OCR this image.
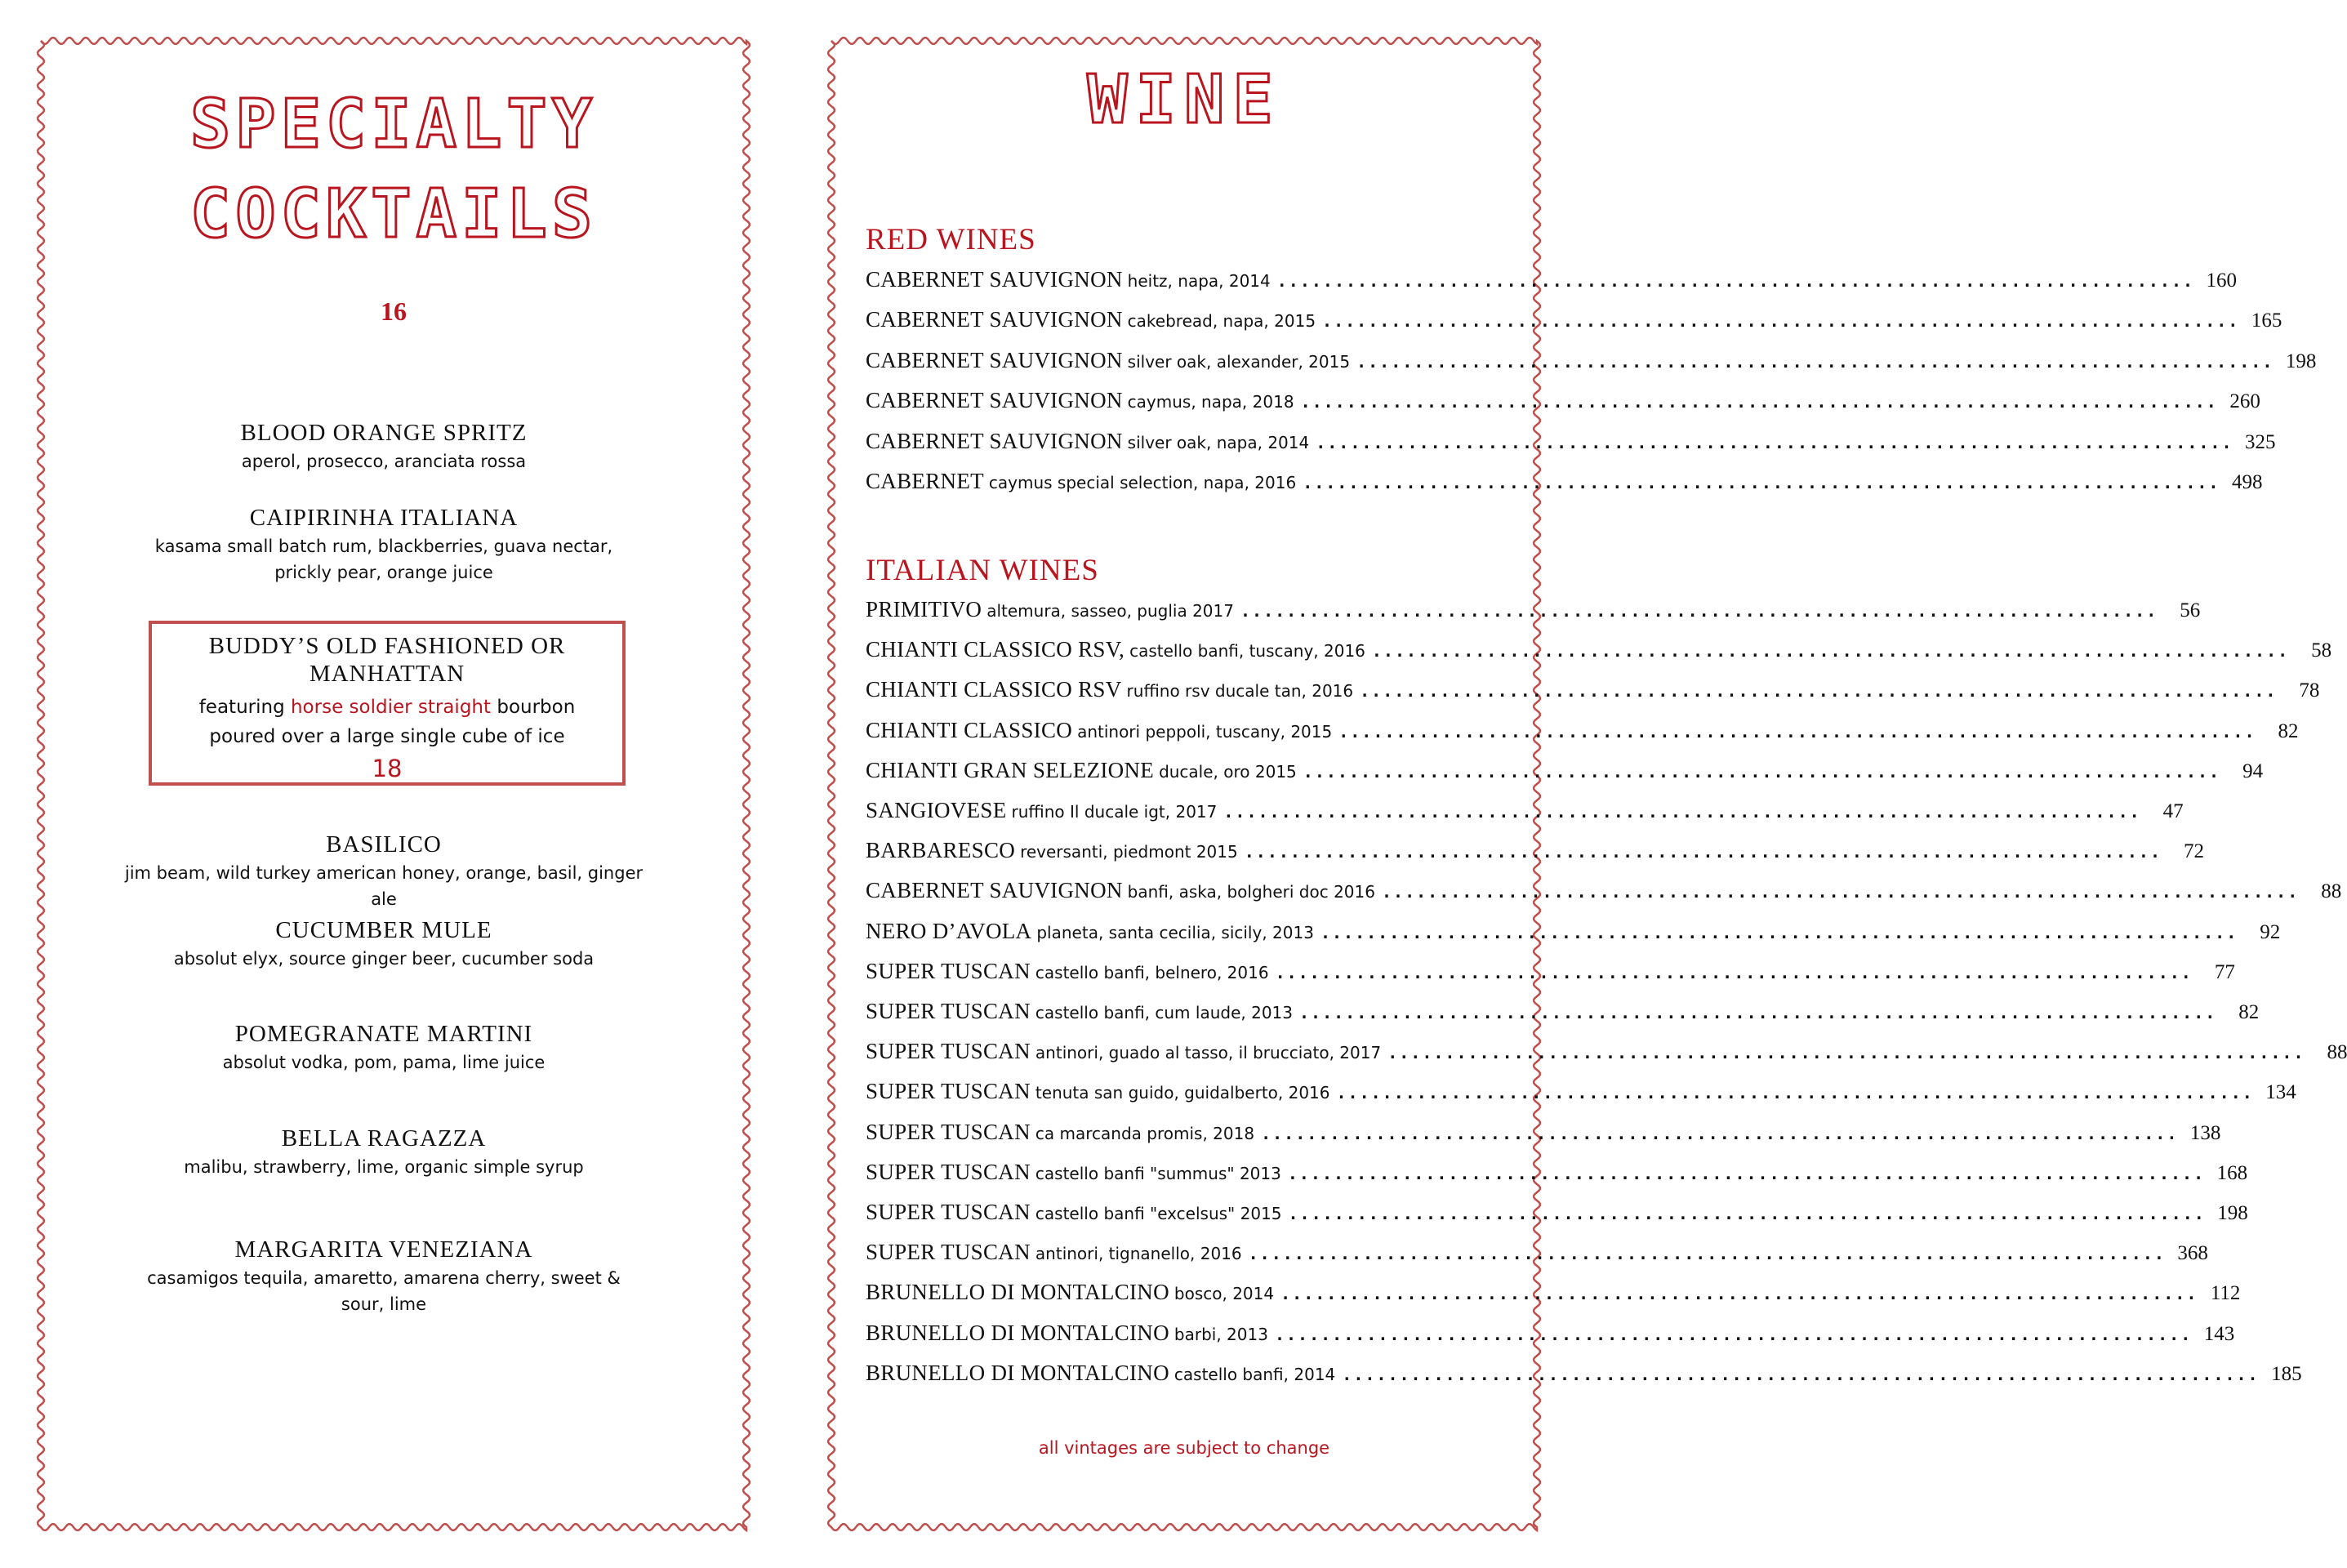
SPECIALTY
COCKTAILS
16
BLOOD ORANGE SPRITZ
aperol, prosecco, aranciata rossa
CAIPIRINHA ITALIANA
kasama small batch rum, blackberries, guava nectar, prickly pear, orange juice
BUDDY’S OLD FASHIONED OR MANHATTAN
featuring horse soldier straight bourbon
poured over a large single cube of ice
18
BASILICO
jim beam, wild turkey american honey, orange, basil, ginger ale
CUCUMBER MULE
absolut elyx, source ginger beer, cucumber soda
POMEGRANATE MARTINI
absolut vodka, pom, pama, lime juice
BELLA RAGAZZA
malibu, strawberry, lime, organic simple syrup
MARGARITA VENEZIANA
casamigos tequila, amaretto, amarena cherry, sweet & sour, lime
WINE
RED WINES
CABERNET SAUVIGNON heitz, napa, 2014 ................................................................................ 160
CABERNET SAUVIGNON cakebread, napa, 2015 ................................................................................ 165
CABERNET SAUVIGNON silver oak, alexander, 2015 ................................................................................ 198
CABERNET SAUVIGNON caymus, napa, 2018 ................................................................................ 260
CABERNET SAUVIGNON silver oak, napa, 2014 ................................................................................ 325
CABERNET caymus special selection, napa, 2016 ................................................................................ 498
ITALIAN WINES
PRIMITIVO altemura, sasseo, puglia 2017 ................................................................................	56
CHIANTI CLASSICO RSV, castello banfi, tuscany, 2016 ................................................................................	58
CHIANTI CLASSICO RSV ruffino rsv ducale tan, 2016 ................................................................................	78
CHIANTI CLASSICO antinori peppoli, tuscany, 2015 ................................................................................	82
CHIANTI GRAN SELEZIONE ducale, oro 2015 ................................................................................	94
SANGIOVESE ruffino Il ducale igt, 2017 ................................................................................	47
BARBARESCO reversanti, piedmont 2015 ................................................................................	72
CABERNET SAUVIGNON banfi, aska, bolgheri doc 2016 ................................................................................	88
NERO D’AVOLA planeta, santa cecilia, sicily, 2013 ................................................................................	92
SUPER TUSCAN castello banfi, belnero, 2016 ................................................................................	77
SUPER TUSCAN castello banfi, cum laude, 2013 ................................................................................	82
SUPER TUSCAN antinori, guado al tasso, il brucciato, 2017 ................................................................................	88
SUPER TUSCAN tenuta san guido, guidalberto, 2016 ................................................................................ 134
SUPER TUSCAN ca marcanda promis, 2018 ................................................................................ 138
SUPER TUSCAN castello banfi "summus" 2013 ................................................................................ 168
SUPER TUSCAN castello banfi "excelsus" 2015 ................................................................................ 198
SUPER TUSCAN antinori, tignanello, 2016 ................................................................................ 368
BRUNELLO DI MONTALCINO bosco, 2014 ................................................................................ 112
BRUNELLO DI MONTALCINO barbi, 2013 ................................................................................ 143
BRUNELLO DI MONTALCINO castello banfi, 2014 ................................................................................ 185
all vintages are subject to change
